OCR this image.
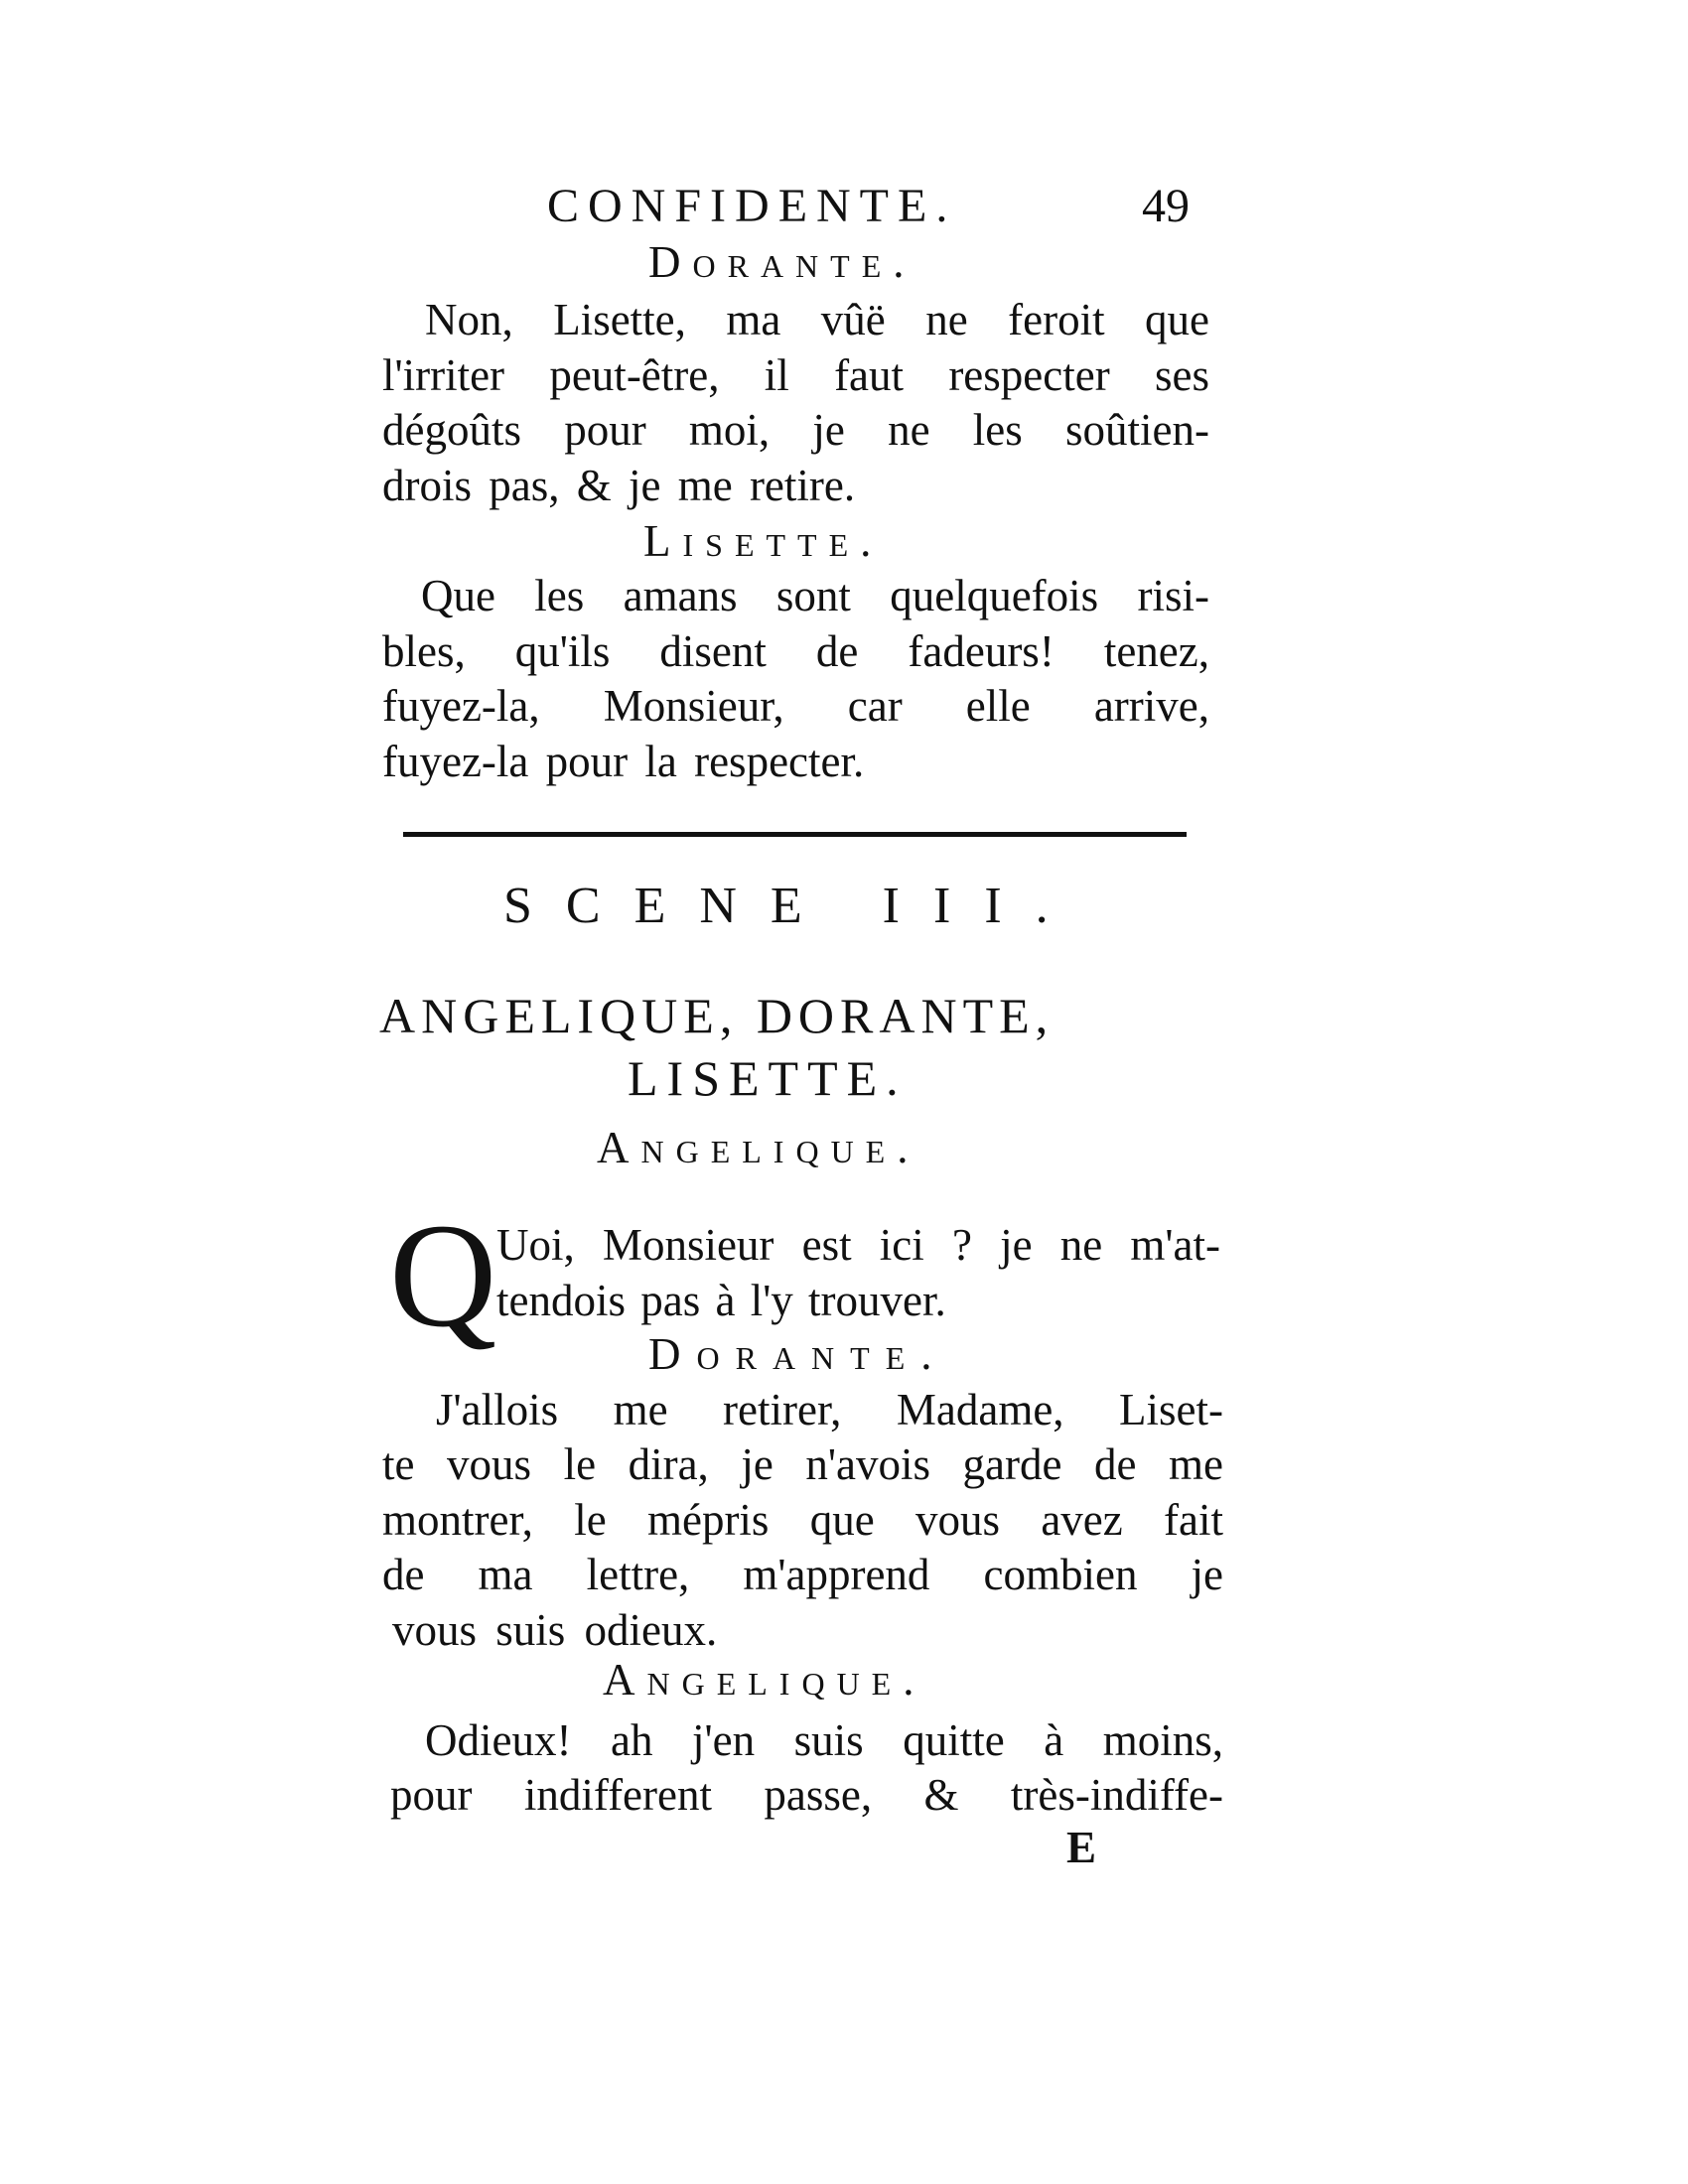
CONFIDENTE.	49
Dorante.
Non, Lisette, ma vûë ne feroit que
l'irriter peut-être, il faut respecter ses
dégoûts pour moi, je ne les soûtien-
drois pas, & je me retire.
Lisette.
Que les amans sont quelquefois risi-
bles, qu'ils disent de fadeurs! tenez,
fuyez-la, Monsieur, car elle arrive,
fuyez-la pour la respecter.
SCENE III.
ANGELIQUE, DORANTE,
LISETTE.
Angelique.
Q Uoi, Monsieur est ici ? je ne m'at-
tendois pas à l'y trouver.
Dorante.
J'allois me retirer, Madame, Liset-
te vous le dira, je n'avois garde de me
montrer, le mépris que vous avez fait
de ma lettre, m'apprend combien je
vous suis odieux.
Angelique.
Odieux! ah j'en suis quitte à moins,
pour indifferent passe, & très-indiffe-
E
